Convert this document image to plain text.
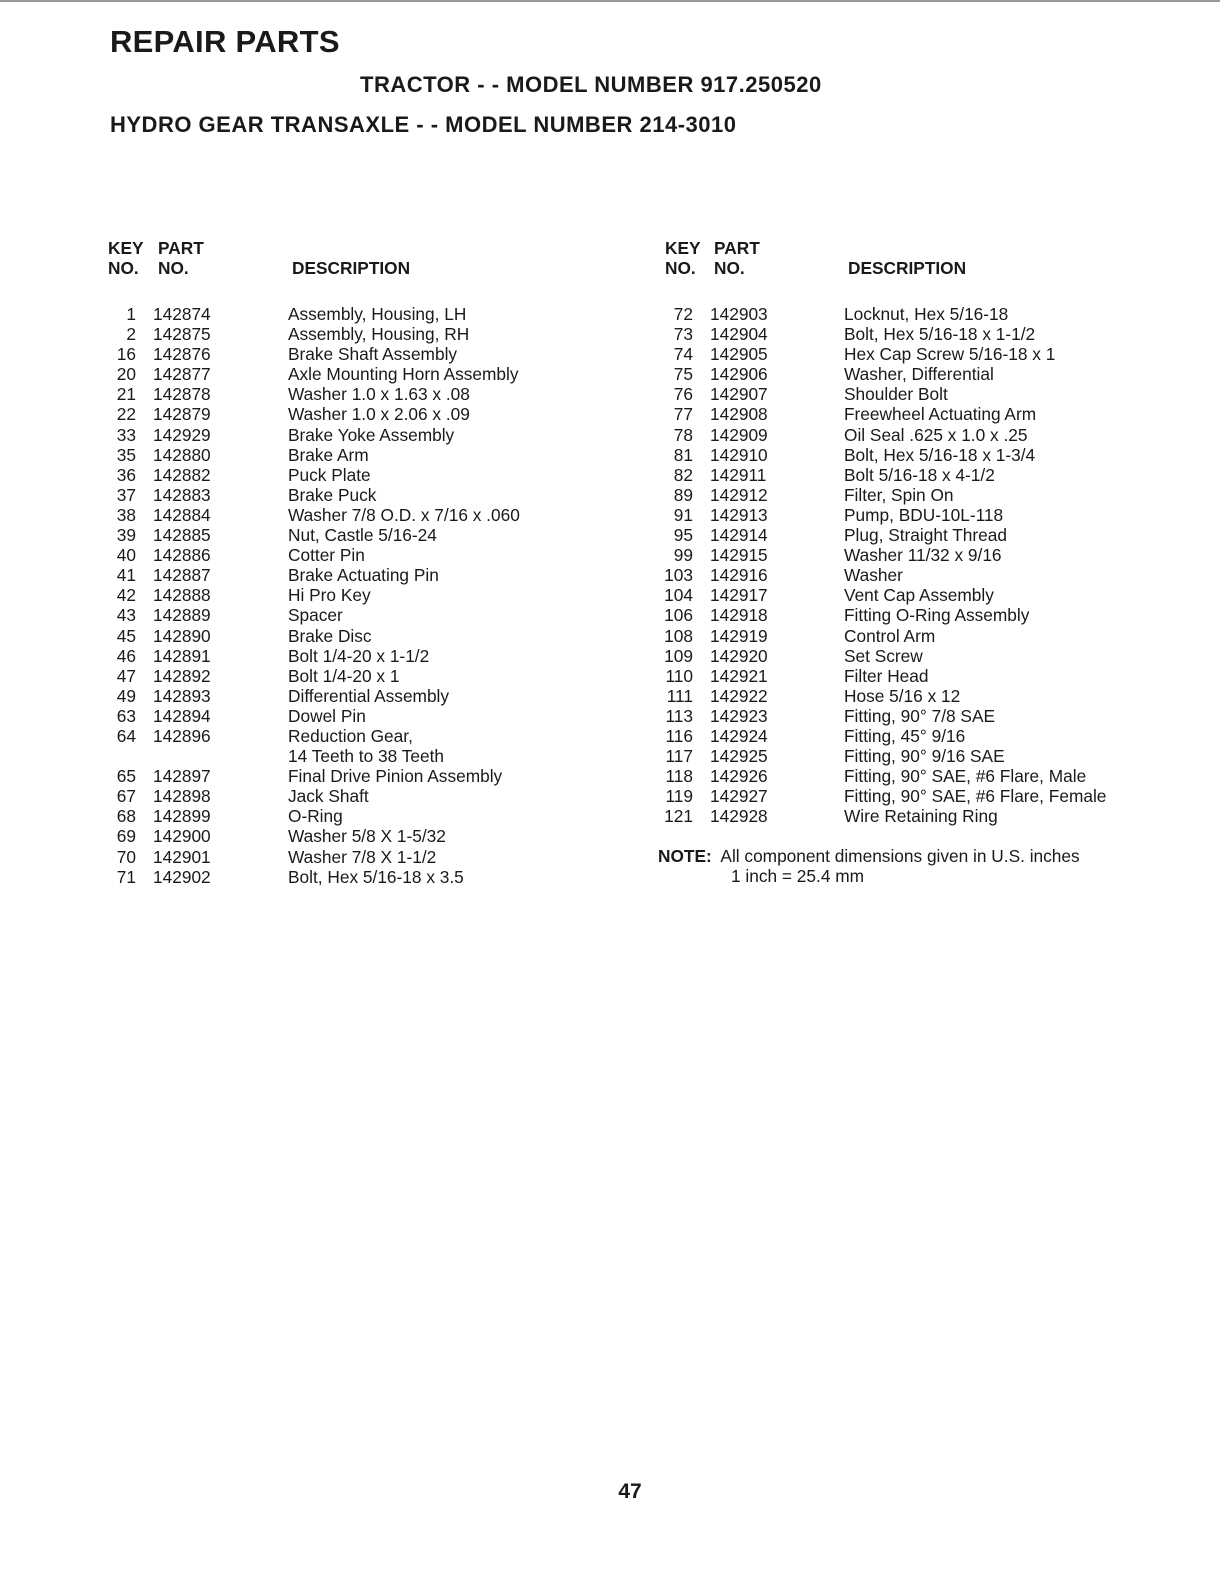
REPAIR PARTS
TRACTOR - - MODEL NUMBER 917.250520
HYDRO GEAR TRANSAXLE - - MODEL NUMBER 214-3010
KEY PART
NO. NO.	DESCRIPTION
1 142874	Assembly, Housing, LH
2 142875	Assembly, Housing, RH
16 142876	Brake Shaft Assembly
20 142877	Axle Mounting Horn Assembly
21 142878	Washer 1.0 x 1.63 x .08
22 142879	Washer 1.0 x 2.06 x .09
33 142929	Brake Yoke Assembly
35 142880	Brake Arm
36 142882	Puck Plate
37 142883	Brake Puck
38 142884	Washer 7/8 O.D. x 7/16 x .060
39 142885	Nut, Castle 5/16-24
40 142886	Cotter Pin
41 142887	Brake Actuating Pin
42 142888	Hi Pro Key
43 142889	Spacer
45 142890	Brake Disc
46 142891	Bolt 1/4-20 x 1-1/2
47 142892	Bolt 1/4-20 x 1
49 142893	Differential Assembly
63 142894	Dowel Pin
64 142896	Reduction Gear,
14 Teeth to 38 Teeth
65 142897	Final Drive Pinion Assembly
67 142898	Jack Shaft
68 142899	O-Ring
69 142900	Washer 5/8 X 1-5/32
70 142901	Washer 7/8 X 1-1/2
71 142902	Bolt, Hex 5/16-18 x 3.5
KEY PART
NO. NO.	DESCRIPTION
72 142903	Locknut, Hex 5/16-18
73 142904	Bolt, Hex 5/16-18 x 1-1/2
74 142905	Hex Cap Screw 5/16-18 x 1
75 142906	Washer, Differential
76 142907	Shoulder Bolt
77 142908	Freewheel Actuating Arm
78 142909	Oil Seal .625 x 1.0 x .25
81 142910	Bolt, Hex 5/16-18 x 1-3/4
82 142911	Bolt 5/16-18 x 4-1/2
89 142912	Filter, Spin On
91 142913	Pump, BDU-10L-118
95 142914	Plug, Straight Thread
99 142915	Washer 11/32 x 9/16
103 142916	Washer
104 142917	Vent Cap Assembly
106 142918	Fitting O-Ring Assembly
108 142919	Control Arm
109 142920	Set Screw
110 142921	Filter Head
111 142922	Hose 5/16 x 12
113 142923	Fitting, 90° 7/8 SAE
116 142924	Fitting, 45° 9/16
117 142925	Fitting, 90° 9/16 SAE
118 142926	Fitting, 90° SAE, #6 Flare, Male
119 142927	Fitting, 90° SAE, #6 Flare, Female
121 142928	Wire Retaining Ring
NOTE: All component dimensions given in U.S. inches
1 inch = 25.4 mm
47
